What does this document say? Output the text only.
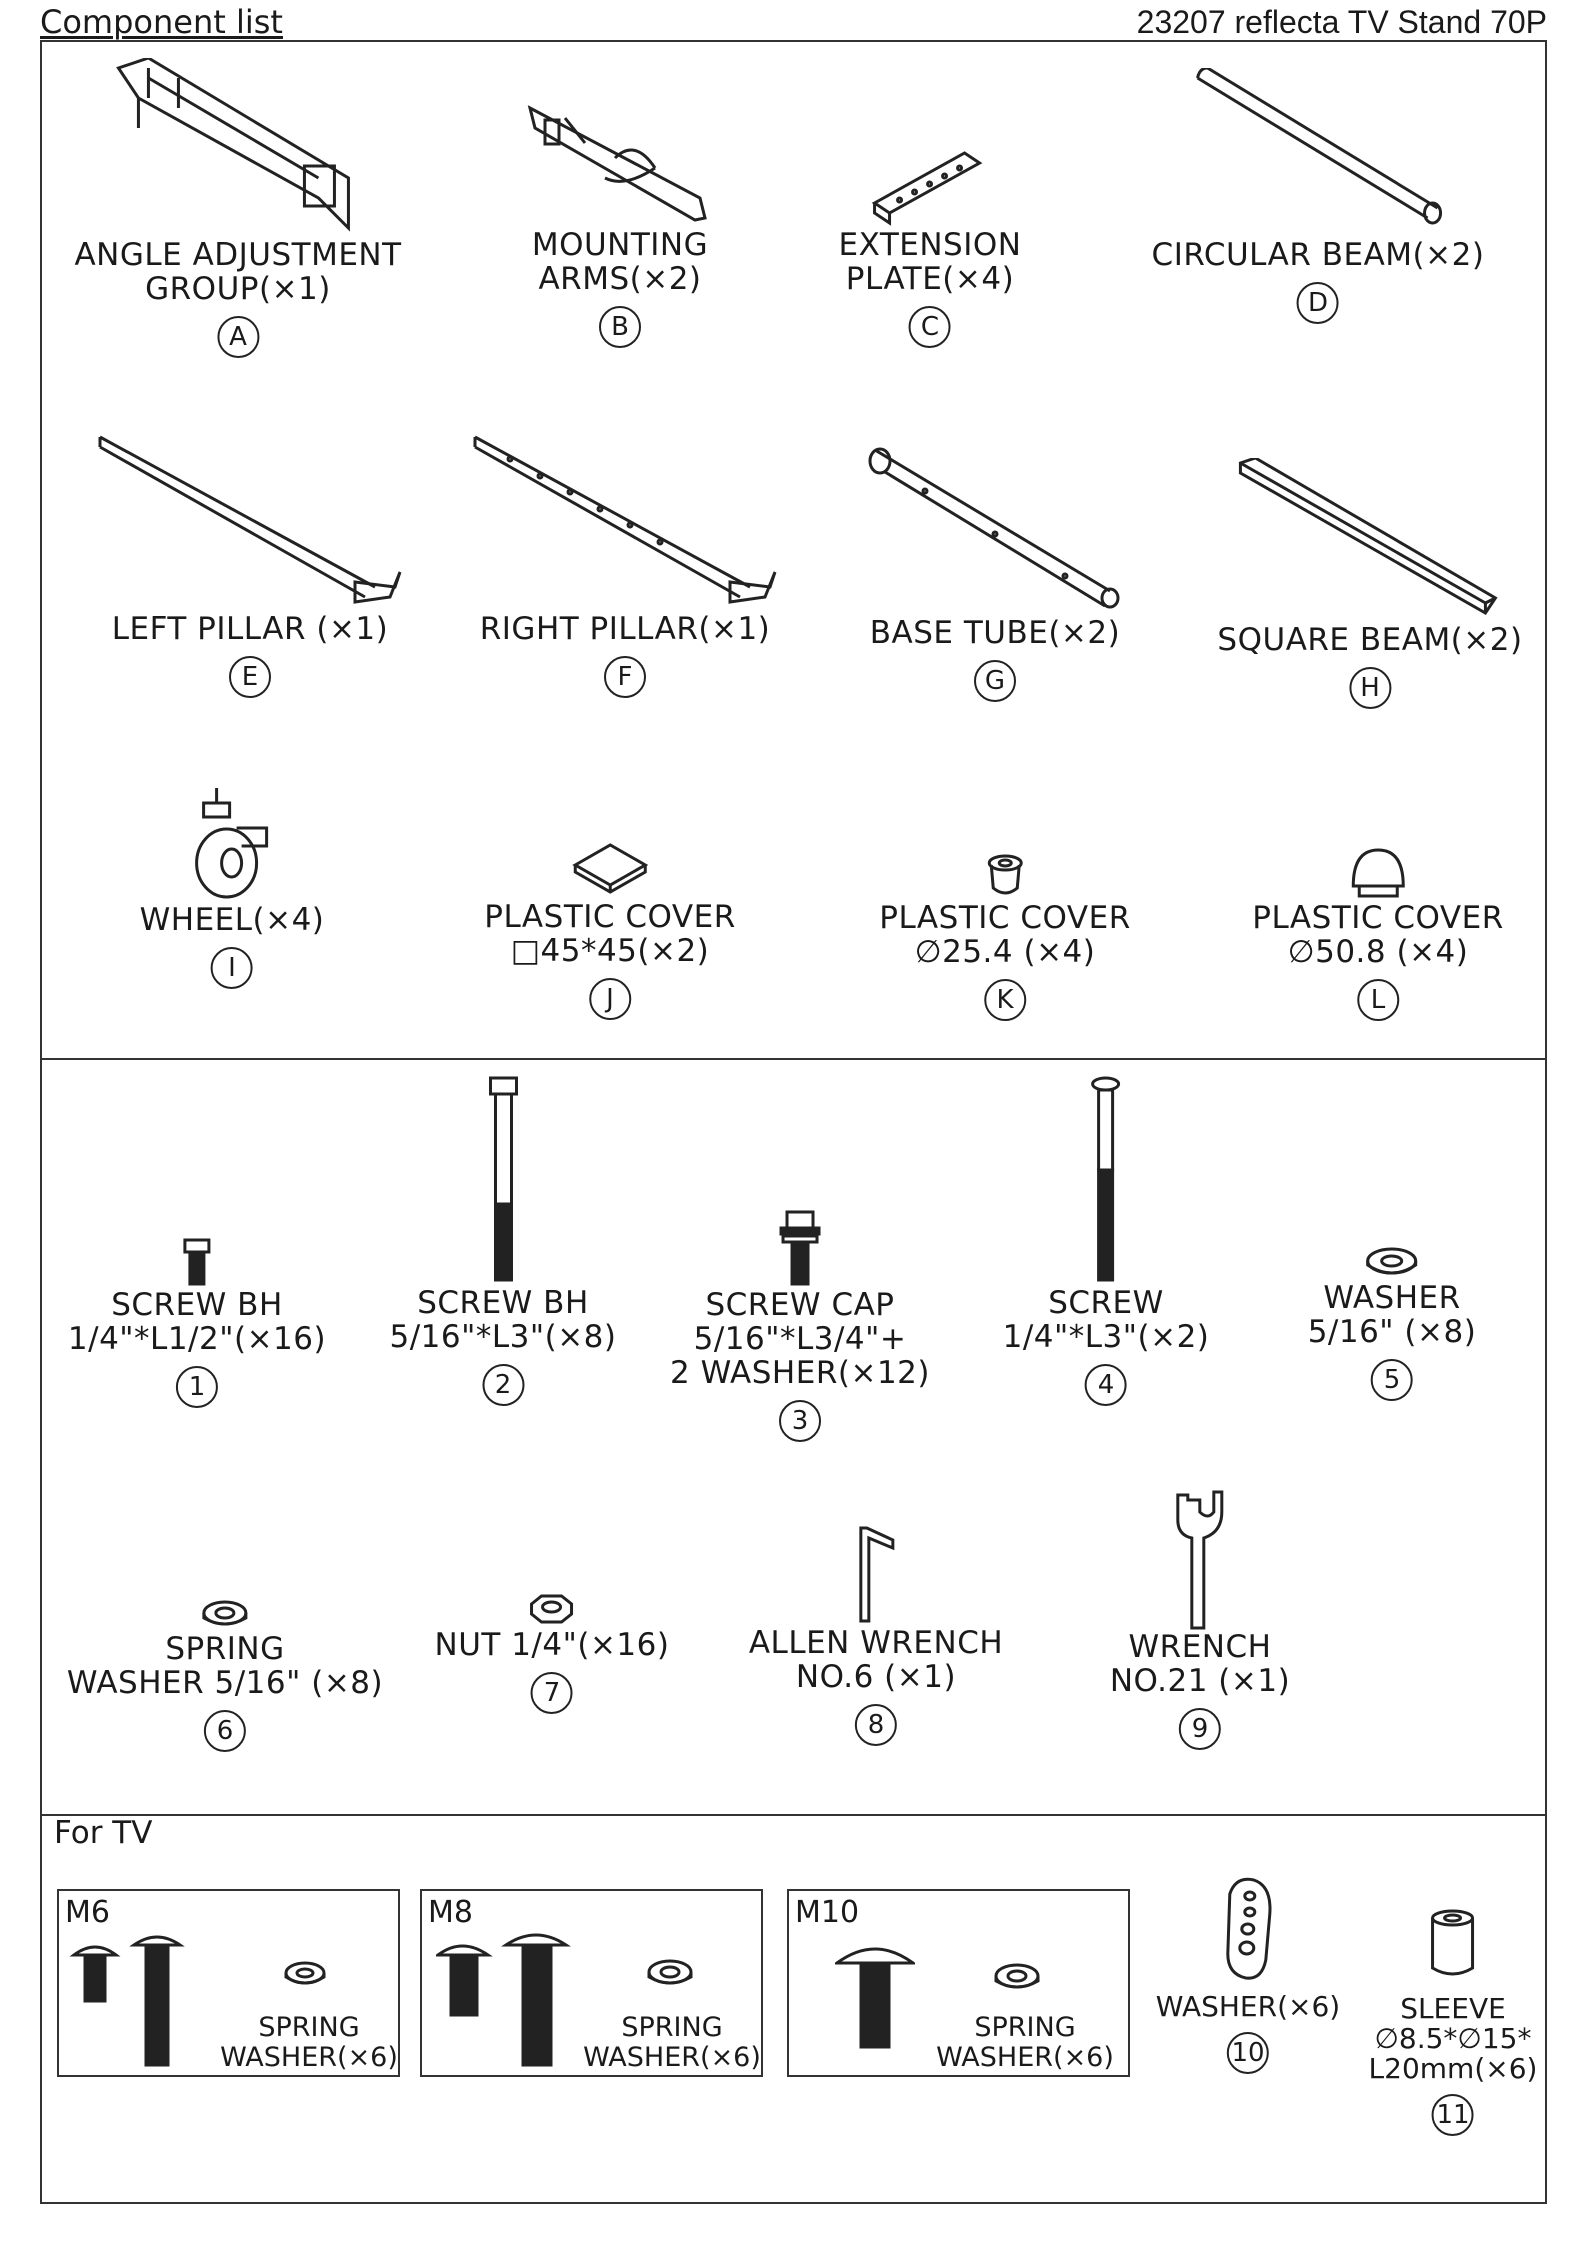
Component list	23207 reflecta TV Stand 70P
ANGLE ADJUSTMENT
GROUP(×1)
A
MOUNTING
ARMS(×2)
B
EXTENSION
PLATE(×4)
C
CIRCULAR BEAM(×2)
D
LEFT PILLAR (×1)
E
RIGHT PILLAR(×1)
F
BASE TUBE(×2)
G
SQUARE BEAM(×2)
H
WHEEL(×4)
I
PLASTIC COVER
□45*45(×2)
J
PLASTIC COVER
∅25.4 (×4)
K
PLASTIC COVER
∅50.8 (×4)
L
SCREW BH
1/4"*L1/2"(×16)
1
SCREW BH
5/16"*L3"(×8)
2
SCREW CAP
5/16"*L3/4"+
2 WASHER(×12)
3
SCREW
1/4"*L3"(×2)
4
WASHER
5/16" (×8)
5
SPRING
WASHER 5/16" (×8)
6
NUT 1/4"(×16)
7
ALLEN WRENCH
NO.6 (×1)
8
WRENCH
NO.21 (×1)
9
For TV
M6
SPRING
WASHER(×6)
M8
SPRING
WASHER(×6)
M10
SPRING
WASHER(×6)
WASHER(×6)
10
SLEEVE
∅8.5*∅15*
L20mm(×6)
11
